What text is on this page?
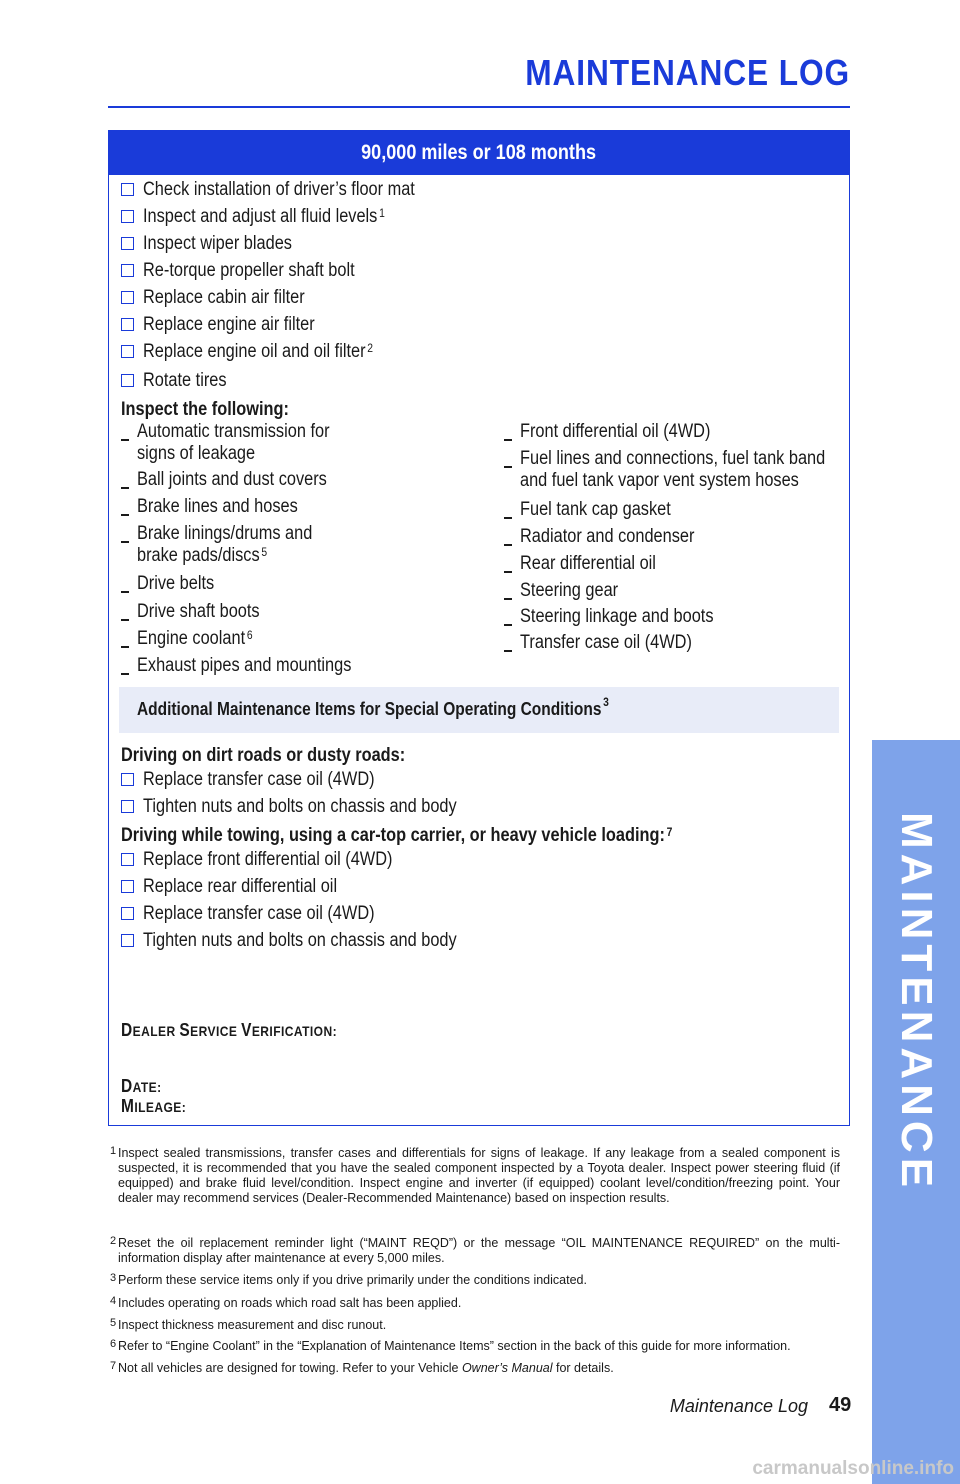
MAINTENANCE LOG
MAINTENANCE
90,000 miles or 108 months
Check installation of driver’s floor mat
Inspect and adjust all fluid levels $^1$
Inspect wiper blades
Re-torque propeller shaft bolt
Replace cabin air filter
Replace engine air filter
Replace engine oil and oil filter $^2$
Rotate tires
Inspect the following:
Automatic transmission for
signs of leakage
Ball joints and dust covers
Brake lines and hoses
Brake linings/drums and
brake pads/discs $^5$
Drive belts
Drive shaft boots
Engine coolant $^6$
Exhaust pipes and mountings
Front differential oil (4WD)
Fuel lines and connections, fuel tank band
and fuel tank vapor vent system hoses
Fuel tank cap gasket
Radiator and condenser
Rear differential oil
Steering gear
Steering linkage and boots
Transfer case oil (4WD)
Additional Maintenance Items for Special Operating Conditions $^3$
Driving on dirt roads or dusty roads:
Replace transfer case oil (4WD)
Tighten nuts and bolts on chassis and body
Driving while towing, using a car-top carrier, or heavy vehicle loading: $^7$
Replace front differential oil (4WD)
Replace rear differential oil
Replace transfer case oil (4WD)
Tighten nuts and bolts on chassis and body
DEALER SERVICE VERIFICATION:
DATE:
MILEAGE:
1 Inspect sealed transmissions, transfer cases and differentials for signs of leakage. If any leakage from a sealed component is suspected, it is recommended that you have the sealed component inspected by a Toyota dealer. Inspect power steering fluid (if equipped) and brake fluid level/condition. Inspect engine and inverter (if equipped) coolant level/condition/freezing point. Your dealer may recommend services (Dealer-Recommended Maintenance) based on inspection results.
2 Reset the oil replacement reminder light (“MAINT REQD”) or the message “OIL MAINTENANCE REQUIRED” on the multi-information display after maintenance at every 5,000 miles.
3 Perform these service items only if you drive primarily under the conditions indicated.
4 Includes operating on roads which road salt has been applied.
5 Inspect thickness measurement and disc runout.
6 Refer to “Engine Coolant” in the “Explanation of Maintenance Items” section in the back of this guide for more information.
7 Not all vehicles are designed for towing. Refer to your Vehicle Owner’s Manual for details.
Maintenance Log 49
carmanualsonline.info
